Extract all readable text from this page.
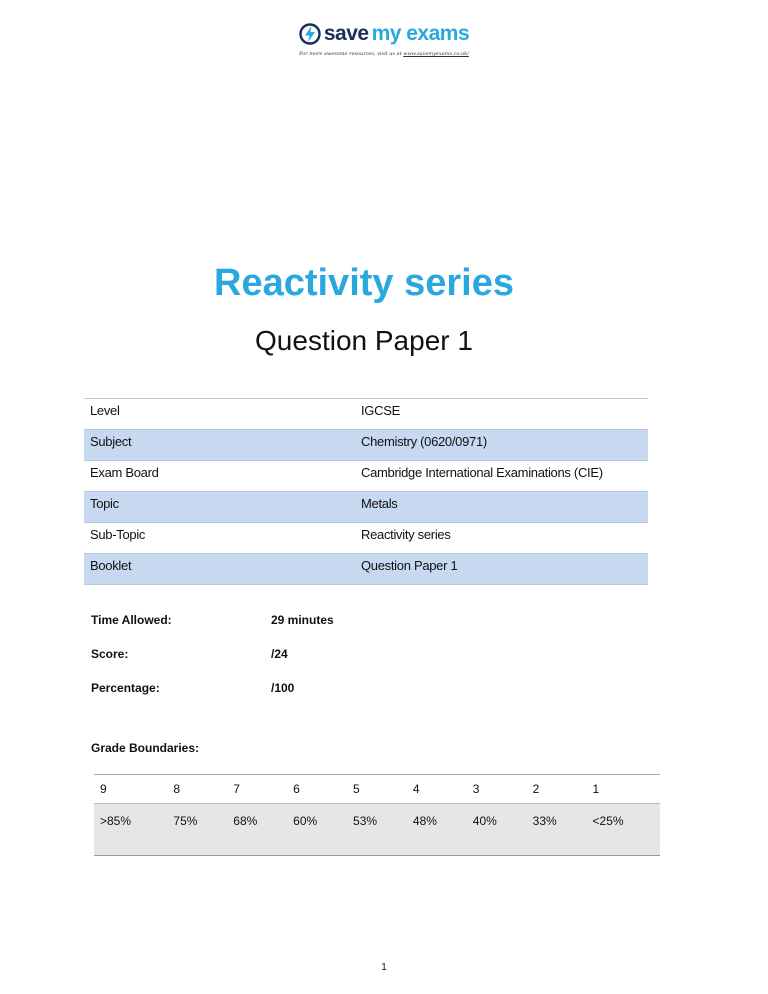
save my exams
For more awesome resources, visit us at www.savemyexams.co.uk/
Reactivity series
Question Paper 1
Level	IGCSE
Subject	Chemistry (0620/0971)
Exam Board	Cambridge International Examinations (CIE)
Topic	Metals
Sub-Topic	Reactivity series
Booklet	Question Paper 1
Time Allowed:	29 minutes
Score:	/24
Percentage:	/100
Grade Boundaries:
9	8	7	6	5	4	3	2	1
>85%	75%	68%	60%	53%	48%	40%	33%	<25%
1
